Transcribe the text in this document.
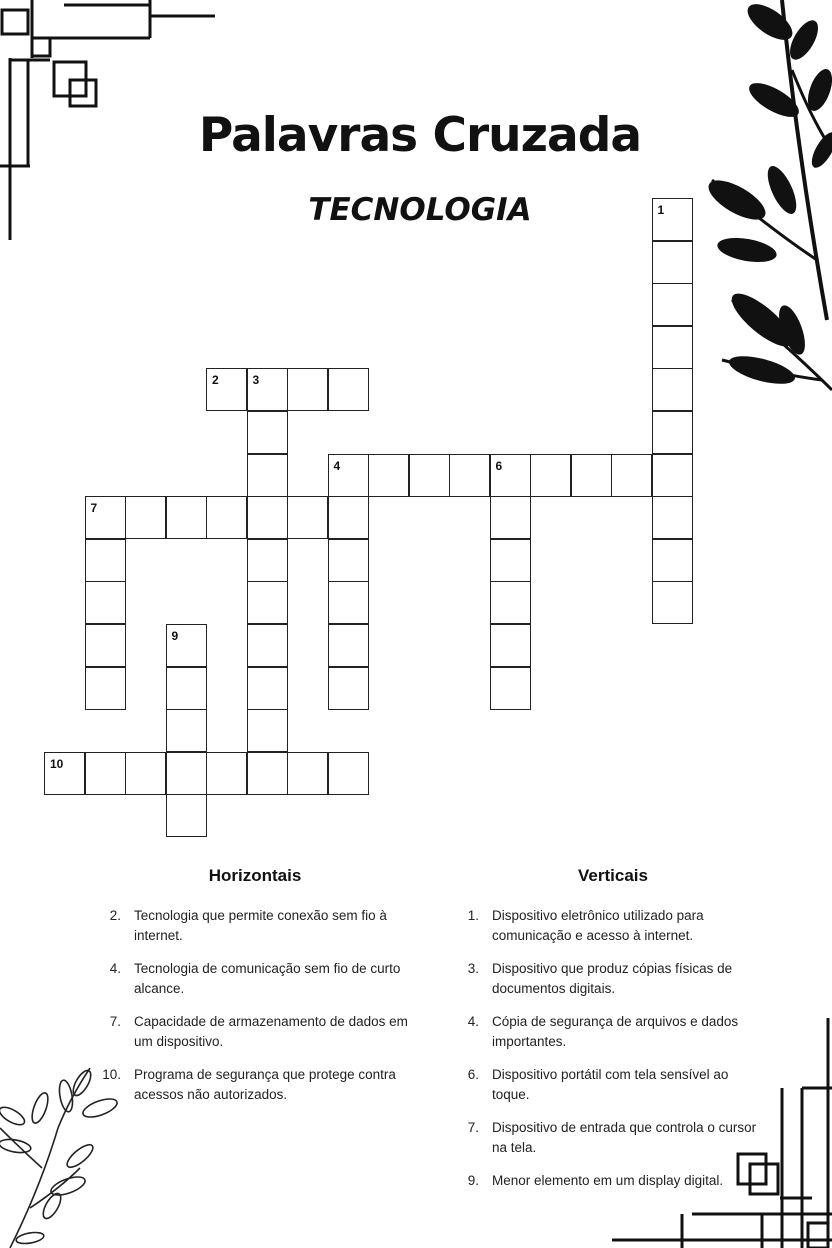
Palavras Cruzada
TECNOLOGIA	1
2	3
4	6
7
9
10
Horizontais
2. Tecnologia que permite conexão sem fio à internet.
4. Tecnologia de comunicação sem fio de curto alcance.
7. Capacidade de armazenamento de dados em um dispositivo.
10. Programa de segurança que protege contra acessos não autorizados.
Verticais
1. Dispositivo eletrônico utilizado para comunicação e acesso à internet.
3. Dispositivo que produz cópias físicas de documentos digitais.
4. Cópia de segurança de arquivos e dados importantes.
6. Dispositivo portátil com tela sensível ao toque.
7. Dispositivo de entrada que controla o cursor na tela.
9. Menor elemento em um display digital.
